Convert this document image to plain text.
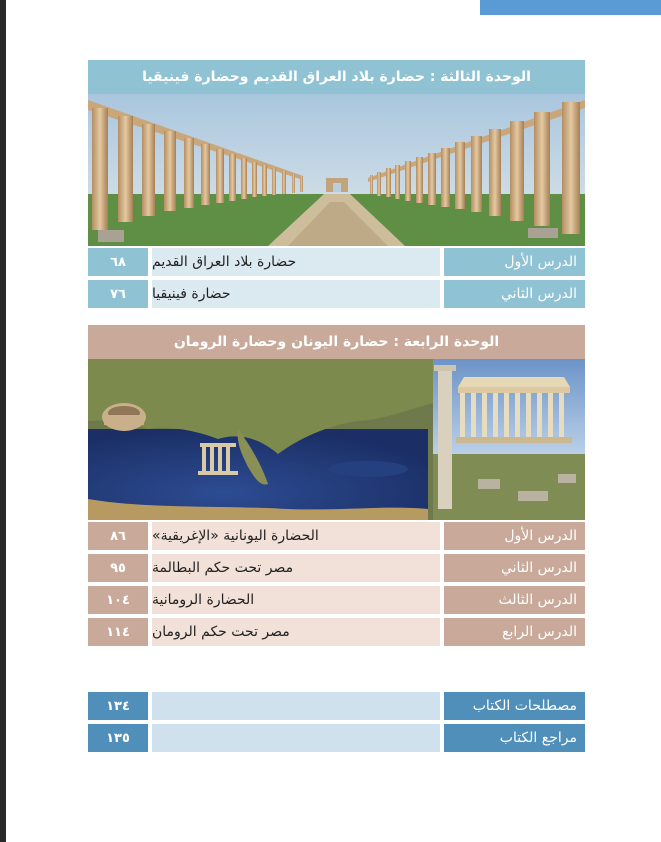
الوحدة الثالثة : حضارة بلاد العراق القديم وحضارة فينيقيا
٦٨	حضارة بلاد العراق القديم	الدرس الأول
٧٦	حضارة فينيقيا	الدرس الثاني
الوحدة الرابعة : حضارة اليونان وحضارة الرومان
٨٦	الحضارة اليونانية «الإغريقية»	الدرس الأول
٩٥	مصر تحت حكم البطالمة	الدرس الثاني
١٠٤	الحضارة الرومانية	الدرس الثالث
١١٤	مصر تحت حكم الرومان	الدرس الرابع
١٣٤	مصطلحات الكتاب
١٣٥	مراجع الكتاب
